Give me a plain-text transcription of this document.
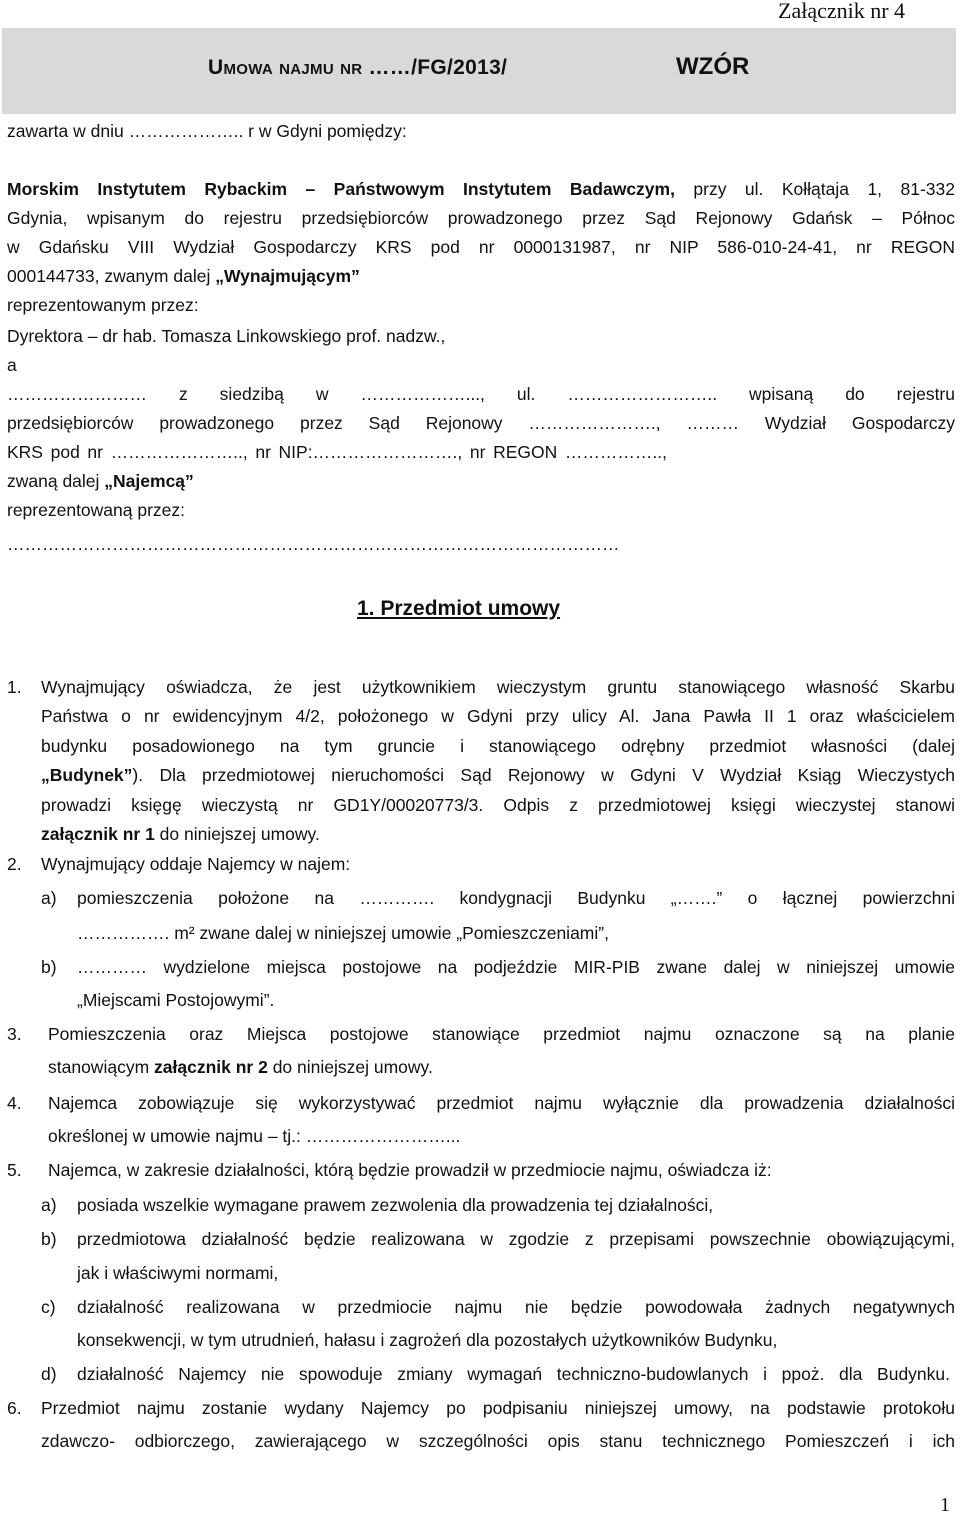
Załącznik nr 4
Umowa najmu nr ……/FG/2013/	WZÓR
zawarta w dniu ……………….. r w Gdyni pomiędzy:
Morskim Instytutem Rybackim – Państwowym Instytutem Badawczym, przy ul. Kołłątaja 1, 81-332
Gdynia, wpisanym do rejestru przedsiębiorców prowadzonego przez Sąd Rejonowy Gdańsk – Północ
w Gdańsku VIII Wydział Gospodarczy KRS pod nr 0000131987, nr NIP 586-010-24-41, nr REGON
000144733, zwanym dalej „Wynajmującym”
reprezentowanym przez:
Dyrektora – dr hab. Tomasza Linkowskiego prof. nadzw.,
a
…………………… z siedzibą w ………………..., ul. …………………….. wpisaną do rejestru
przedsiębiorców prowadzonego przez Sąd Rejonowy …………………., ……… Wydział Gospodarczy
KRS pod nr ………………….., nr NIP:……………………., nr REGON ……………..,
zwaną dalej „Najemcą”
reprezentowaną przez:
……………………………………………………………………………………………
1. Przedmiot umowy
1. Wynajmujący oświadcza, że jest użytkownikiem wieczystym gruntu stanowiącego własność Skarbu
Państwa o nr ewidencyjnym 4/2, położonego w Gdyni przy ulicy Al. Jana Pawła II 1 oraz właścicielem
budynku posadowionego na tym gruncie i stanowiącego odrębny przedmiot własności (dalej
„Budynek”). Dla przedmiotowej nieruchomości Sąd Rejonowy w Gdyni V Wydział Ksiąg Wieczystych
prowadzi księgę wieczystą nr GD1Y/00020773/3. Odpis z przedmiotowej księgi wieczystej stanowi
załącznik nr 1 do niniejszej umowy.
2. Wynajmujący oddaje Najemcy w najem:
a) pomieszczenia położone na …………. kondygnacji Budynku „…….” o łącznej powierzchni
……………. m² zwane dalej w niniejszej umowie „Pomieszczeniami”,
b) ………… wydzielone miejsca postojowe na podjeździe MIR-PIB zwane dalej w niniejszej umowie
„Miejscami Postojowymi”.
3. Pomieszczenia oraz Miejsca postojowe stanowiące przedmiot najmu oznaczone są na planie
stanowiącym załącznik nr 2 do niniejszej umowy.
4. Najemca zobowiązuje się wykorzystywać przedmiot najmu wyłącznie dla prowadzenia działalności
określonej w umowie najmu – tj.: ……………………...
5. Najemca, w zakresie działalności, którą będzie prowadził w przedmiocie najmu, oświadcza iż:
a) posiada wszelkie wymagane prawem zezwolenia dla prowadzenia tej działalności,
b) przedmiotowa działalność będzie realizowana w zgodzie z przepisami powszechnie obowiązującymi,
jak i właściwymi normami,
c) działalność realizowana w przedmiocie najmu nie będzie powodowała żadnych negatywnych
konsekwencji, w tym utrudnień, hałasu i zagrożeń dla pozostałych użytkowników Budynku,
d) działalność Najemcy nie spowoduje zmiany wymagań techniczno-budowlanych i ppoż. dla Budynku.
6. Przedmiot najmu zostanie wydany Najemcy po podpisaniu niniejszej umowy, na podstawie protokołu
zdawczo- odbiorczego, zawierającego w szczególności opis stanu technicznego Pomieszczeń i ich
1
